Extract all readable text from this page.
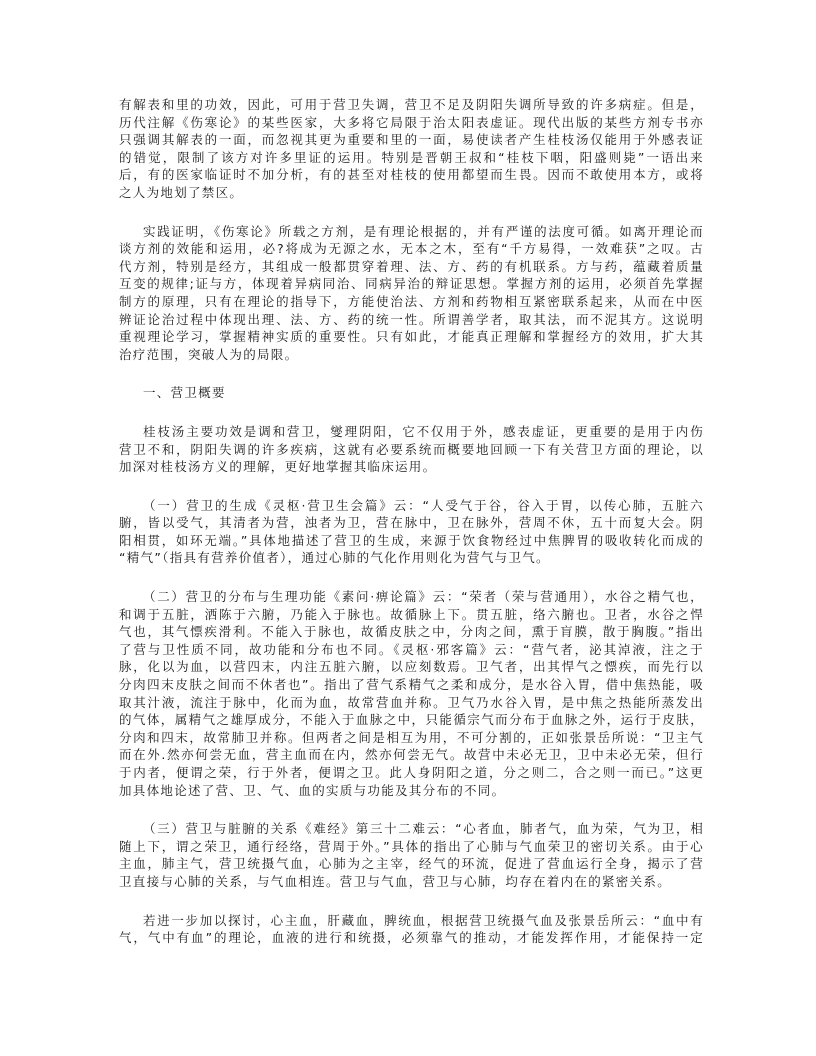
有解表和里的功效，因此，可用于营卫失调，营卫不足及阴阳失调所导致的许多病症。但是，
历代注解《伤寒论》的某些医家，大多将它局限于治太阳表虚证。现代出版的某些方剂专书亦
只强调其解表的一面，而忽视其更为重要和里的一面，易使读者产生桂枝汤仅能用于外感表证
的错觉，限制了该方对许多里证的运用。特别是晋朝王叔和“桂枝下咽，阳盛则毙”一语出来
后，有的医家临证时不加分析，有的甚至对桂枝的使用都望而生畏。因而不敢使用本方，或将
之人为地划了禁区。
实践证明，《伤寒论》所载之方剂，是有理论根据的，并有严谨的法度可循。如离开理论而
谈方剂的效能和运用，必?将成为无源之水，无本之木，至有“千方易得，一效难获”之叹。古
代方剂，特别是经方，其组成一般都贯穿着理、法、方、药的有机联系。方与药，蕴藏着质量
互变的规律;证与方，体现着异病同治、同病异治的辩证思想。掌握方剂的运用，必须首先掌握
制方的原理，只有在理论的指导下，方能使治法、方剂和药物相互紧密联系起来，从而在中医
辨证论治过程中体现出理、法、方、药的统一性。所谓善学者，取其法，而不泥其方。这说明
重视理论学习，掌握精神实质的重要性。只有如此，才能真正理解和掌握经方的效用，扩大其
治疗范围，突破人为的局限。
一、营卫概要
桂枝汤主要功效是调和营卫，燮理阴阳，它不仅用于外，感表虚证，更重要的是用于内伤
营卫不和，阴阳失调的许多疾病，这就有必要系统而概要地回顾一下有关营卫方面的理论，以
加深对桂枝汤方义的理解，更好地掌握其临床运用。
（一）营卫的生成《灵枢·营卫生会篇》云：“人受气于谷，谷入于胃，以传心肺，五脏六
腑，皆以受气，其清者为营，浊者为卫，营在脉中，卫在脉外，营周不休，五十而复大会。阴
阳相贯，如环无端。”具体地描述了营卫的生成，来源于饮食物经过中焦脾胃的吸收转化而成的
“精气”（指具有营养价值者），通过心肺的气化作用则化为营气与卫气。
（二）营卫的分布与生理功能《素问·痹论篇》云：“荣者（荣与营通用），水谷之精气也，
和调于五脏，洒陈于六腑，乃能入于脉也。故循脉上下。贯五脏，络六腑也。卫者，水谷之悍
气也，其气慓疾滑利。不能入于脉也，故循皮肤之中，分肉之间，熏于肓膜，散于胸腹。”指出
了营与卫性质不同，故功能和分布也不同。《灵枢·邪客篇》云：“营气者，泌其淖液，注之于
脉，化以为血，以营四末，内注五脏六腑，以应刻数焉。卫气者，出其悍气之慓疾，而先行以
分肉四末皮肤之间而不休者也”。指出了营气系精气之柔和成分，是水谷入胃，借中焦热能，吸
取其汁液，流注于脉中，化而为血，故常营血并称。卫气乃水谷入胃，是中焦之热能所蒸发出
的气体，属精气之雄厚成分，不能入于血脉之中，只能循宗气而分布于血脉之外，运行于皮肤，
分肉和四末，故常肺卫并称。但两者之间是相互为用，不可分割的，正如张景岳所说：“卫主气
而在外.然亦何尝无血，营主血而在内，然亦何尝无气。故营中未必无卫，卫中未必无荣，但行
于内者，便谓之荣，行于外者，便谓之卫。此人身阴阳之道，分之则二，合之则一而已。”这更
加具体地论述了营、卫、气、血的实质与功能及其分布的不同。
（三）营卫与脏腑的关系《难经》第三十二难云：“心者血，肺者气，血为荣，气为卫，相
随上下，谓之荣卫，通行经络，营周于外。”具体的指出了心肺与气血荣卫的密切关系。由于心
主血，肺主气，营卫统摄气血，心肺为之主宰，经气的环流，促进了营血运行全身，揭示了营
卫直接与心肺的关系，与气血相连。营卫与气血，营卫与心肺，均存在着内在的紧密关系。
若进一步加以探讨，心主血，肝藏血，脾统血，根据营卫统摄气血及张景岳所云：“血中有
气，气中有血”的理论，血液的进行和统摄，必须靠气的推动，才能发挥作用，才能保持一定
